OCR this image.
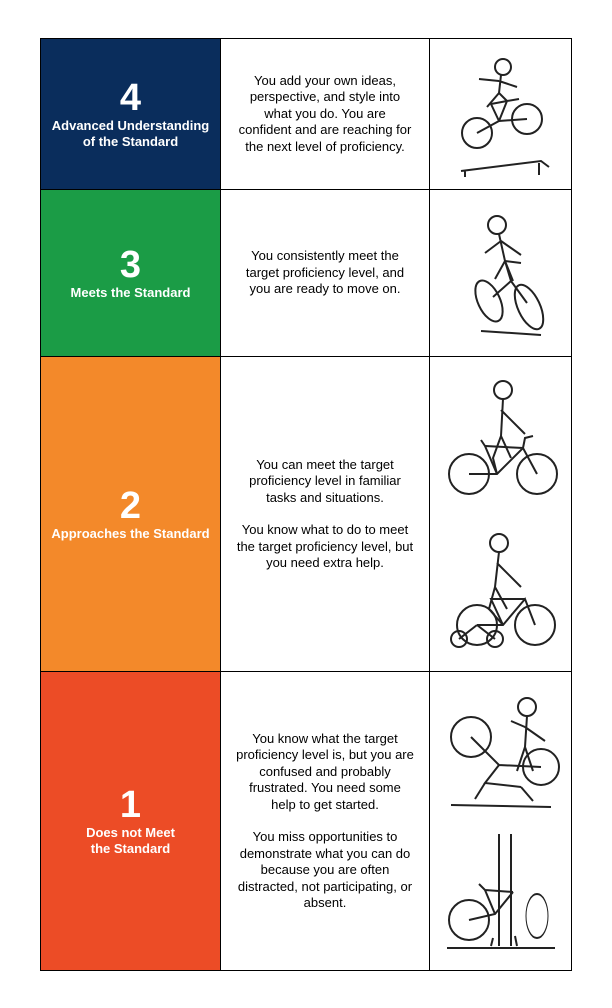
4
Advanced Understanding
of the Standard

You add your own ideas,
perspective, and style into
what you do. You are
confident and are reaching for
the next level of proficiency.

3
Meets the Standard

You consistently meet the
target proficiency level, and
you are ready to move on.

2
Approaches the Standard

You can meet the target
proficiency level in familiar
tasks and situations.

You know what to do to meet
the target proficiency level, but
you need extra help.

1
Does not Meet
the Standard

You know what the target
proficiency level is, but you are
confused and probably
frustrated. You need some
help to get started.

You miss opportunities to
demonstrate what you can do
because you are often
distracted, not participating, or
absent.
